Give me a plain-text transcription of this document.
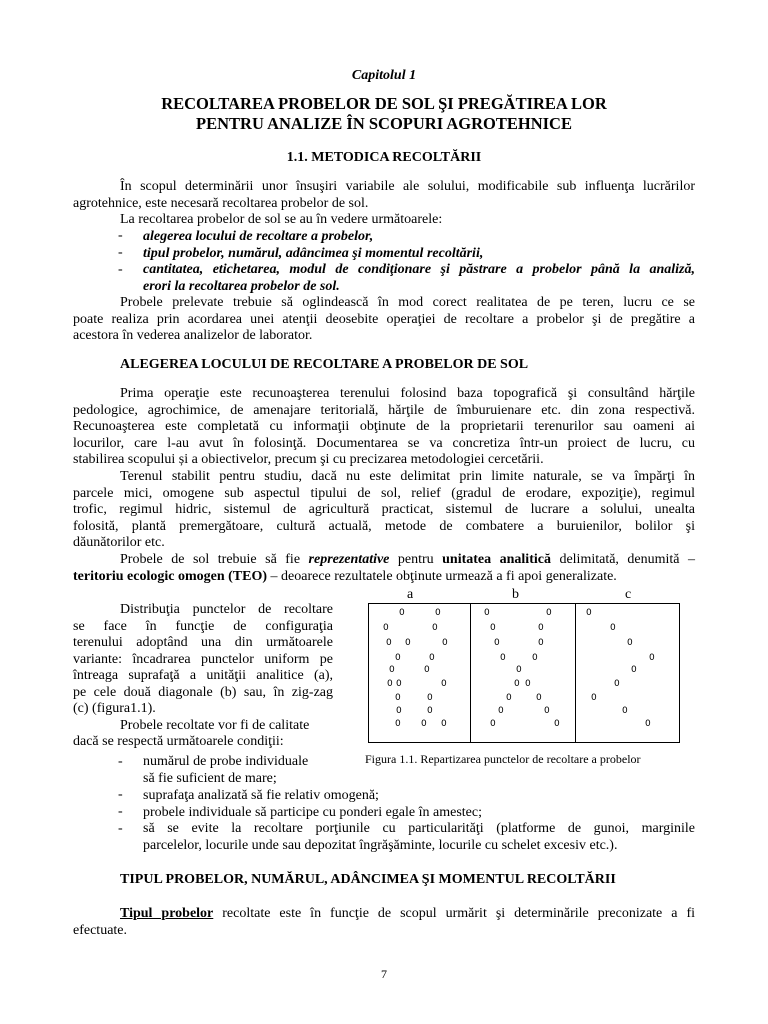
Capitolul 1
RECOLTAREA PROBELOR DE SOL ŞI PREGĂTIREA LOR
PENTRU ANALIZE ÎN SCOPURI AGROTEHNICE
1.1. METODICA RECOLTĂRII
În scopul determinării unor însuşiri variabile ale solului, modificabile sub influenţa lucrărilor
agrotehnice, este necesară recoltarea probelor de sol.
La recoltarea probelor de sol se au în vedere următoarele:
- alegerea locului de recoltare a probelor,
- tipul probelor, numărul, adâncimea şi momentul recoltării,
- cantitatea, etichetarea, modul de condiţionare şi păstrare a probelor până la analiză,
erori la recoltarea probelor de sol.
Probele prelevate trebuie să oglindească în mod corect realitatea de pe teren, lucru ce se
poate realiza prin acordarea unei atenţii deosebite operaţiei de recoltare a probelor şi de pregătire a
acestora în vederea analizelor de laborator.
ALEGEREA LOCULUI DE RECOLTARE A PROBELOR DE SOL
Prima operaţie este recunoaşterea terenului folosind baza topografică şi consultând hărţile
pedologice, agrochimice, de amenajare teritorială, hărţile de îmburuienare etc. din zona respectivă.
Recunoaşterea este completată cu informaţii obţinute de la proprietarii terenurilor sau oameni ai
locurilor, care l-au avut în folosinţă. Documentarea se va concretiza într-un proiect de lucru, cu
stabilirea scopului și a obiectivelor, precum şi cu precizarea metodologiei cercetării.
Terenul stabilit pentru studiu, dacă nu este delimitat prin limite naturale, se va împărţi în
parcele mici, omogene sub aspectul tipului de sol, relief (gradul de erodare, expoziţie), regimul
trofic, regimul hidric, sistemul de agricultură practicat, sistemul de lucrare a solului, unealta
folosită, plantă premergătoare, cultură actuală, metode de combatere a buruienilor, bolilor şi
dăunătorilor etc.
Probele de sol trebuie să fie reprezentative pentru unitatea analitică delimitată, denumită –
teritoriu ecologic omogen (TEO) – deoarece rezultatele obţinute urmează a fi apoi generalizate.
a	b	c
0	0
0	0
0 0	0
0	0
0	0
0 0	0
0	0
0	0
0 0 0
0	0
0	0
0	0
0	0
0
0 0
0	0
0	0
0	0
0
0
0
0
0
0
0
0
0
Figura 1.1. Repartizarea punctelor de recoltare a probelor
Distribuţia punctelor de recoltare
se face în funcţie de configuraţia
terenului adoptând una din următoarele
variante: încadrarea punctelor uniform pe
întreaga suprafaţă a unităţii analitice (a),
pe cele două diagonale (b) sau, în zig-zag
(c) (figura1.1).
Probele recoltate vor fi de calitate
dacă se respectă următoarele condiţii:
- numărul de probe individuale
să fie suficient de mare;
- suprafaţa analizată să fie relativ omogenă;
- probele individuale să participe cu ponderi egale în amestec;
- să se evite la recoltare porţiunile cu particularităţi (platforme de gunoi, marginile
parcelelor, locurile unde sau depozitat îngrăşăminte, locurile cu schelet excesiv etc.).
TIPUL PROBELOR, NUMĂRUL, ADÂNCIMEA ŞI MOMENTUL RECOLTĂRII
Tipul probelor recoltate este în funcţie de scopul urmărit şi determinările preconizate a fi
efectuate.
7
